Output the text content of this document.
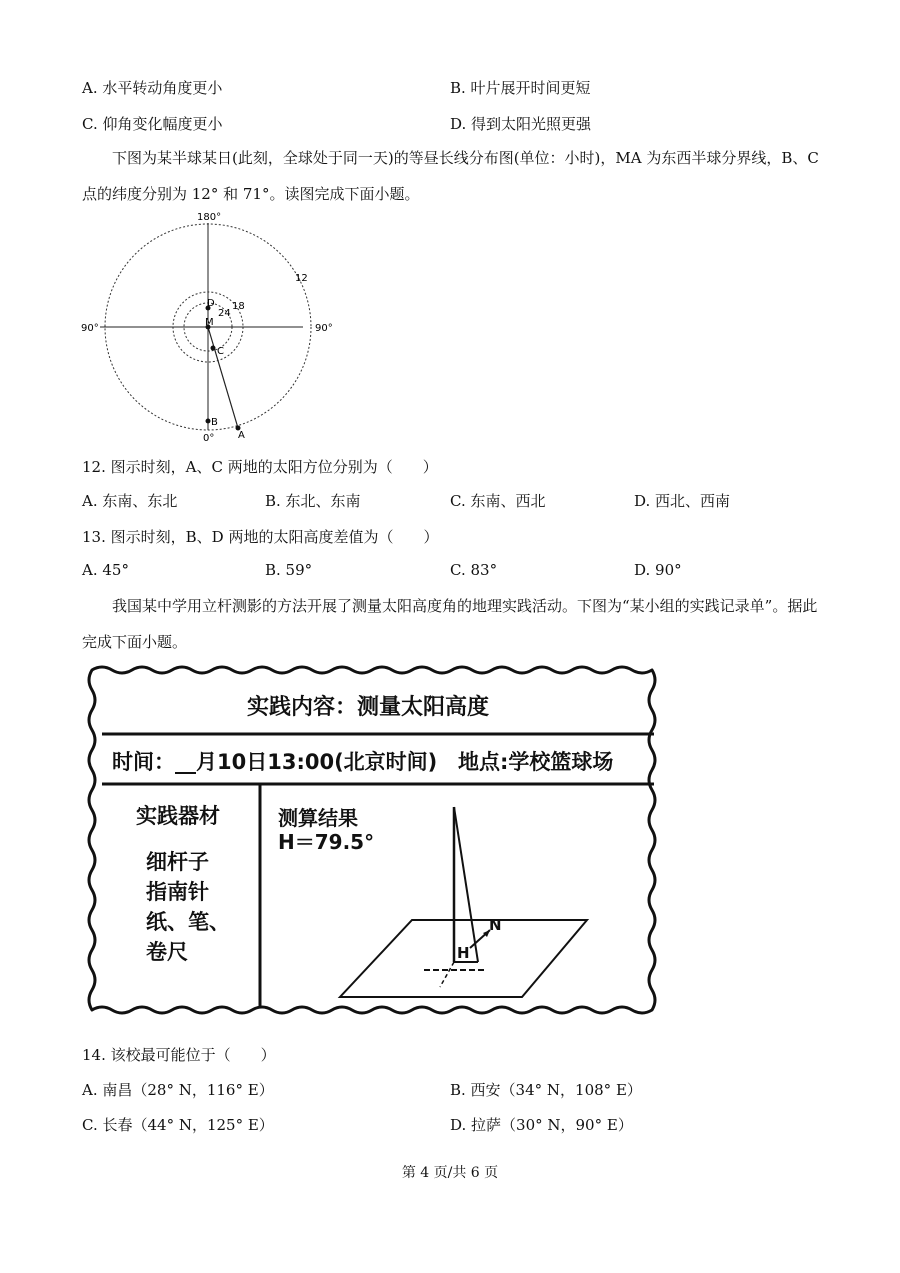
A. 水平转动角度更小	B. 叶片展开时间更短
C. 仰角变化幅度更小	D. 得到太阳光照更强
下图为某半球某日(此刻，全球处于同一天)的等昼长线分布图(单位：小时)，MA 为东西半球分界线，B、C 点的纬度分别为 12° 和 71°。读图完成下面小题。
180°
0°
90°	90°
12
18
24
D
M
C
B
A
12. 图示时刻，A、C 两地的太阳方位分别为（　　）
A. 东南、东北	B. 东北、东南	C. 东南、西北	D. 西北、西南
13. 图示时刻，B、D 两地的太阳高度差值为（　　）
A. 45°	B. 59°	C. 83°	D. 90°
我国某中学用立杆测影的方法开展了测量太阳高度角的地理实践活动。下图为“某小组的实践记录单”。据此完成下面小题。
实践内容：测量太阳高度
时间：__月10日13:00(北京时间) 地点:学校篮球场
实践器材
细杆子
指南针
纸、笔、
卷尺
测算结果
H＝79.5°
N
H
14. 该校最可能位于（　　）
A. 南昌（28° N，116° E）	B. 西安（34° N，108° E）
C. 长春（44° N，125° E）	D. 拉萨（30° N，90° E）
第 4 页/共 6 页
